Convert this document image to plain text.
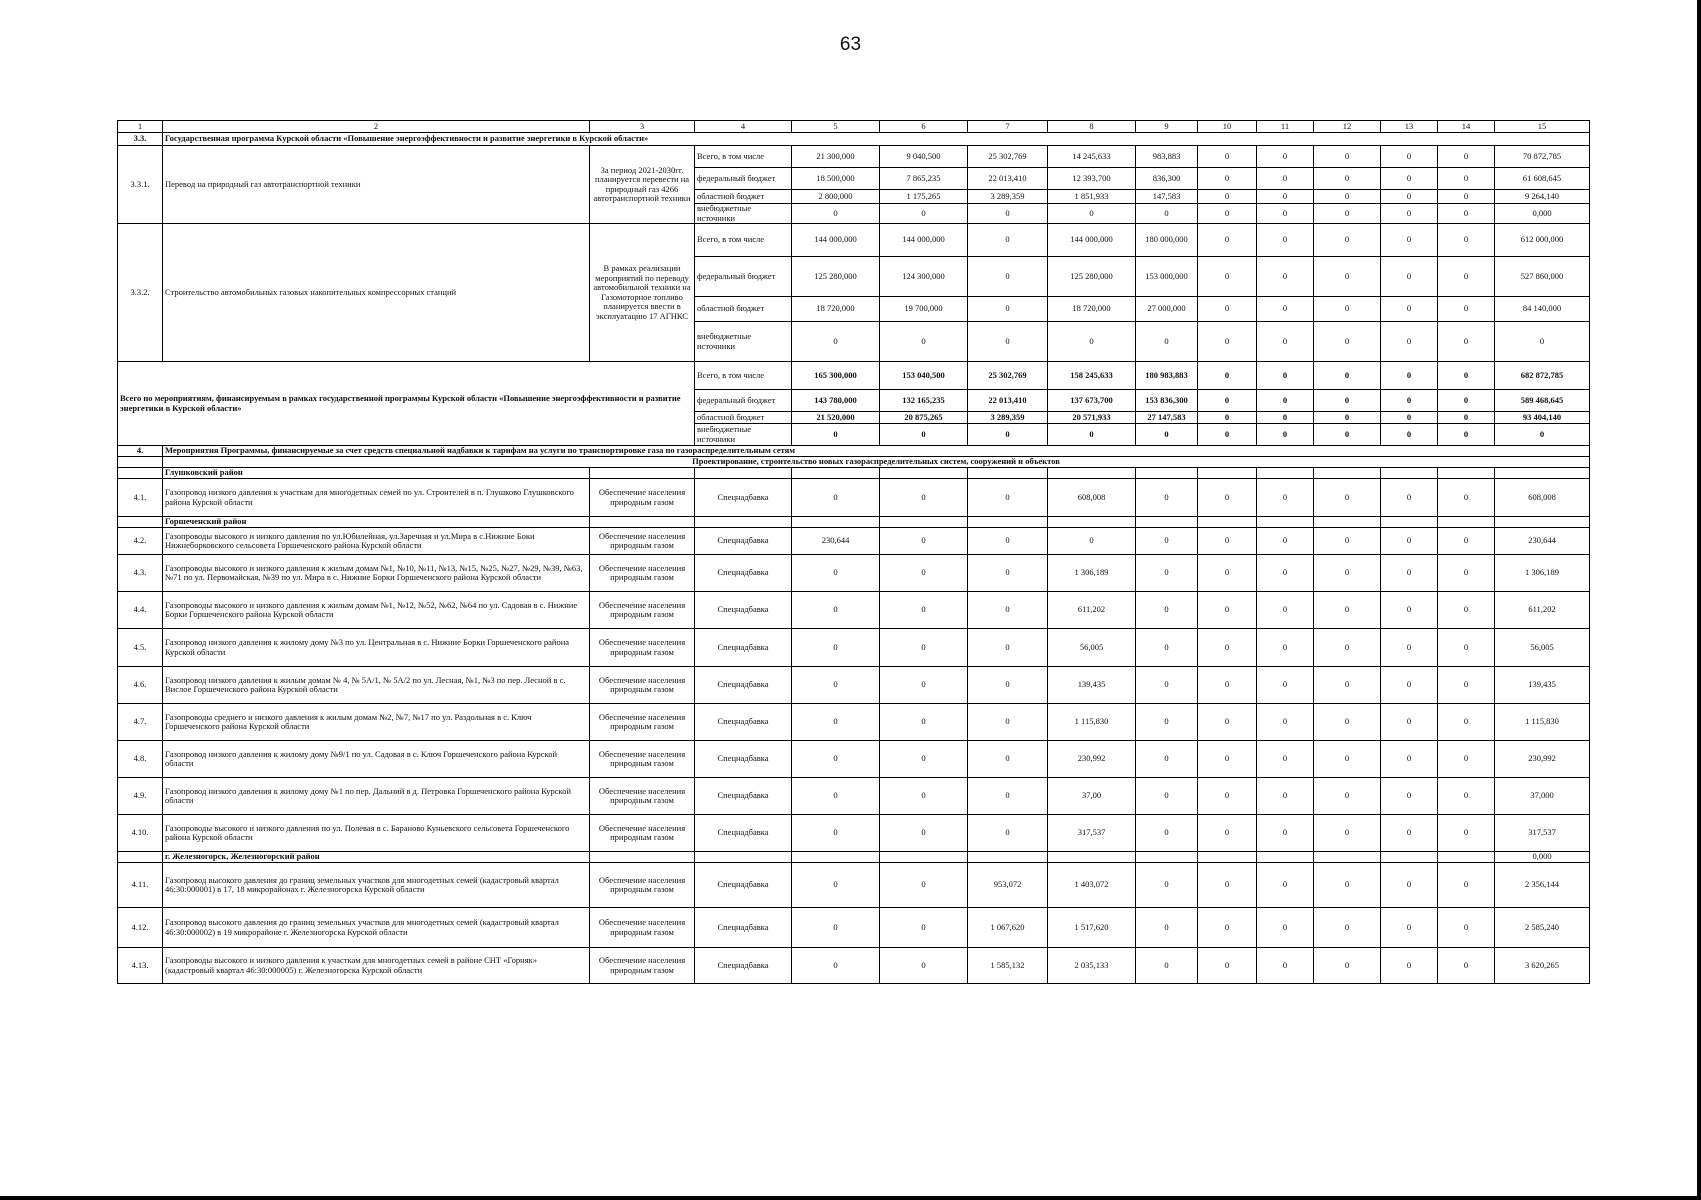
63
1	2	3	4	5	6	7	8	9	10	11	12	13	14	15
3.3.	Государственная программа Курской области «Повышение энергоэффективности и развитие энергетики в Курской области»													
3.3.1.	Перевод на природный газ автотранспортной техники	За период 2021-2030гг. планируется перевести на природный газ 4266 автотранспортной техники	Всего, в том числе	21 300,000	9 040,500	25 302,769	14 245,633	983,883	0	0	0	0	0	70 872,785
			федеральный бюджет	18 500,000	7 865,235	22 013,410	12 393,700	836,300	0	0	0	0	0	61 608,645
			областной бюджет	2 800,000	1 175,265	3 289,359	1 851,933	147,583	0	0	0	0	0	9 264,140
			внебюджетные источники	0	0	0	0	0	0	0	0	0	0	0,000
3.3.2.	Строительство автомобильных газовых накопительных компрессорных станций	В рамках реализации мероприятий по переводу автомобильной техники на Газомоторное топливо планируется ввести в эксплуатацию 17 АГНКС	Всего, в том числе	144 000,000	144 000,000	0	144 000,000	180 000,000	0	0	0	0	0	612 000,000
			федеральный бюджет	125 280,000	124 300,000	0	125 280,000	153 000,000	0	0	0	0	0	527 860,000
			областной бюджет	18 720,000	19 700,000	0	18 720,000	27 000,000	0	0	0	0	0	84 140,000
			внебюджетные источники	0	0	0	0	0	0	0	0	0	0	0
Всего по мероприятиям, финансируемым в рамках государственной программы Курской области «Повышение энергоэффективности и развитие энергетики в Курской области»			Всего, в том числе	165 300,000	153 040,500	25 302,769	158 245,633	180 983,883	0	0	0	0	0	682 872,785
			федеральный бюджет	143 780,000	132 165,235	22 013,410	137 673,700	153 836,300	0	0	0	0	0	589 468,645
			областной бюджет	21 520,000	20 875,265	3 289,359	20 571,933	27 147,583	0	0	0	0	0	93 404,140
			внебюджетные источники	0	0	0	0	0	0	0	0	0	0	0
4.	Мероприятия Программы, финансируемые за счет средств специальной надбавки к тарифам на услуги по транспортировке газа по газораспределительным сетям													
	Проектирование, строительство новых газораспределительных систем, сооружений и объектов													
	Глушковский район													
4.1.	Газопровод низкого давления к участкам для многодетных семей по ул. Строителей в п. Глушково Глушковского района Курской области	Обеспечение населения природным газом	Спецнадбавка	0	0	0	608,008	0	0	0	0	0	0	608,008
	Горшеченский район													
4.2.	Газопроводы высокого и низкого давления по ул.Юбилейная, ул.Заречная и ул.Мира в с.Нижние Боки Нижнеборковского сельсовета Горшеченского района Курской области	Обеспечение населения природным газом	Спецнадбавка	230,644	0	0	0	0	0	0	0	0	0	230,644
4.3.	Газопроводы высокого и низкого давления к жилым домам №1, №10, №11, №13, №15, №25, №27, №29, №39, №63, №71 по ул. Первомайская, №39 по ул. Мира в с. Нижние Борки Горшеченского района Курской области	Обеспечение населения природным газом	Спецнадбавка	0	0	0	1 306,189	0	0	0	0	0	0	1 306,189
4.4.	Газопроводы высокого и низкого давления к жилым домам №1, №12, №52, №62, №64 по ул. Садовая в с. Нижние Борки Горшеченского района Курской области	Обеспечение населения природным газом	Спецнадбавка	0	0	0	611,202	0	0	0	0	0	0	611,202
4.5.	Газопровод низкого давления к жилому дому №3 по ул. Центральная в с. Нижние Борки Горшеченского района Курской области	Обеспечение населения природным газом	Спецнадбавка	0	0	0	56,005	0	0	0	0	0	0	56,005
4.6.	Газопровод низкого давления к жилым домам № 4, № 5А/1, № 5А/2 по ул. Лесная, №1, №3 по пер. Лесной в с. Вислое Горшеченского района Курской области	Обеспечение населения природным газом	Спецнадбавка	0	0	0	139,435	0	0	0	0	0	0	139,435
4.7.	Газопроводы среднего и низкого давления к жилым домам №2, №7, №17 по ул. Раздольная в с. Ключ Горшеченского района Курской области	Обеспечение населения природным газом	Спецнадбавка	0	0	0	1 115,830	0	0	0	0	0	0	1 115,830
4.8.	Газопровод низкого давления к жилому дому №9/1 по ул. Садовая в с. Ключ Горшеченского района Курской области	Обеспечение населения природным газом	Спецнадбавка	0	0	0	230,992	0	0	0	0	0	0	230,992
4.9.	Газопровод низкого давления к жилому дому №1 по пер. Дальний в д. Петровка Горшеченского района Курской области	Обеспечение населения природным газом	Спецнадбавка	0	0	0	37,00	0	0	0	0	0	0	37,000
4.10.	Газопроводы высокого и низкого давления по ул. Полевая в с. Бараново Куньевского сельсовета Горшеченского района Курской области	Обеспечение населения природным газом	Спецнадбавка	0	0	0	317,537	0	0	0	0	0	0	317,537
	г. Железногорск, Железногорский район													0,000
4.11.	Газопровод высокого давления до границ земельных участков для многодетных семей (кадастровый квартал 46:30:000001) в 17, 18 микрорайонах г. Железногорска Курской области	Обеспечение населения природным газом	Спецнадбавка	0	0	953,072	1 403,072	0	0	0	0	0	0	2 356,144
4.12.	Газопровод высокого давления до границ земельных участков для многодетных семей (кадастровый квартал 46:30:000002) в 19 микрорайоне г. Железногорска Курской области	Обеспечение населения природным газом	Спецнадбавка	0	0	1 067,620	1 517,620	0	0	0	0	0	0	2 585,240
4.13.	Газопроводы высокого и низкого давления к участкам для многодетных семей в районе СНТ «Горняк» (кадастровый квартал 46:30:000005) г. Железногорска Курской области	Обеспечение населения природным газом	Спецнадбавка	0	0	1 585,132	2 035,133	0	0	0	0	0	0	3 620,265
